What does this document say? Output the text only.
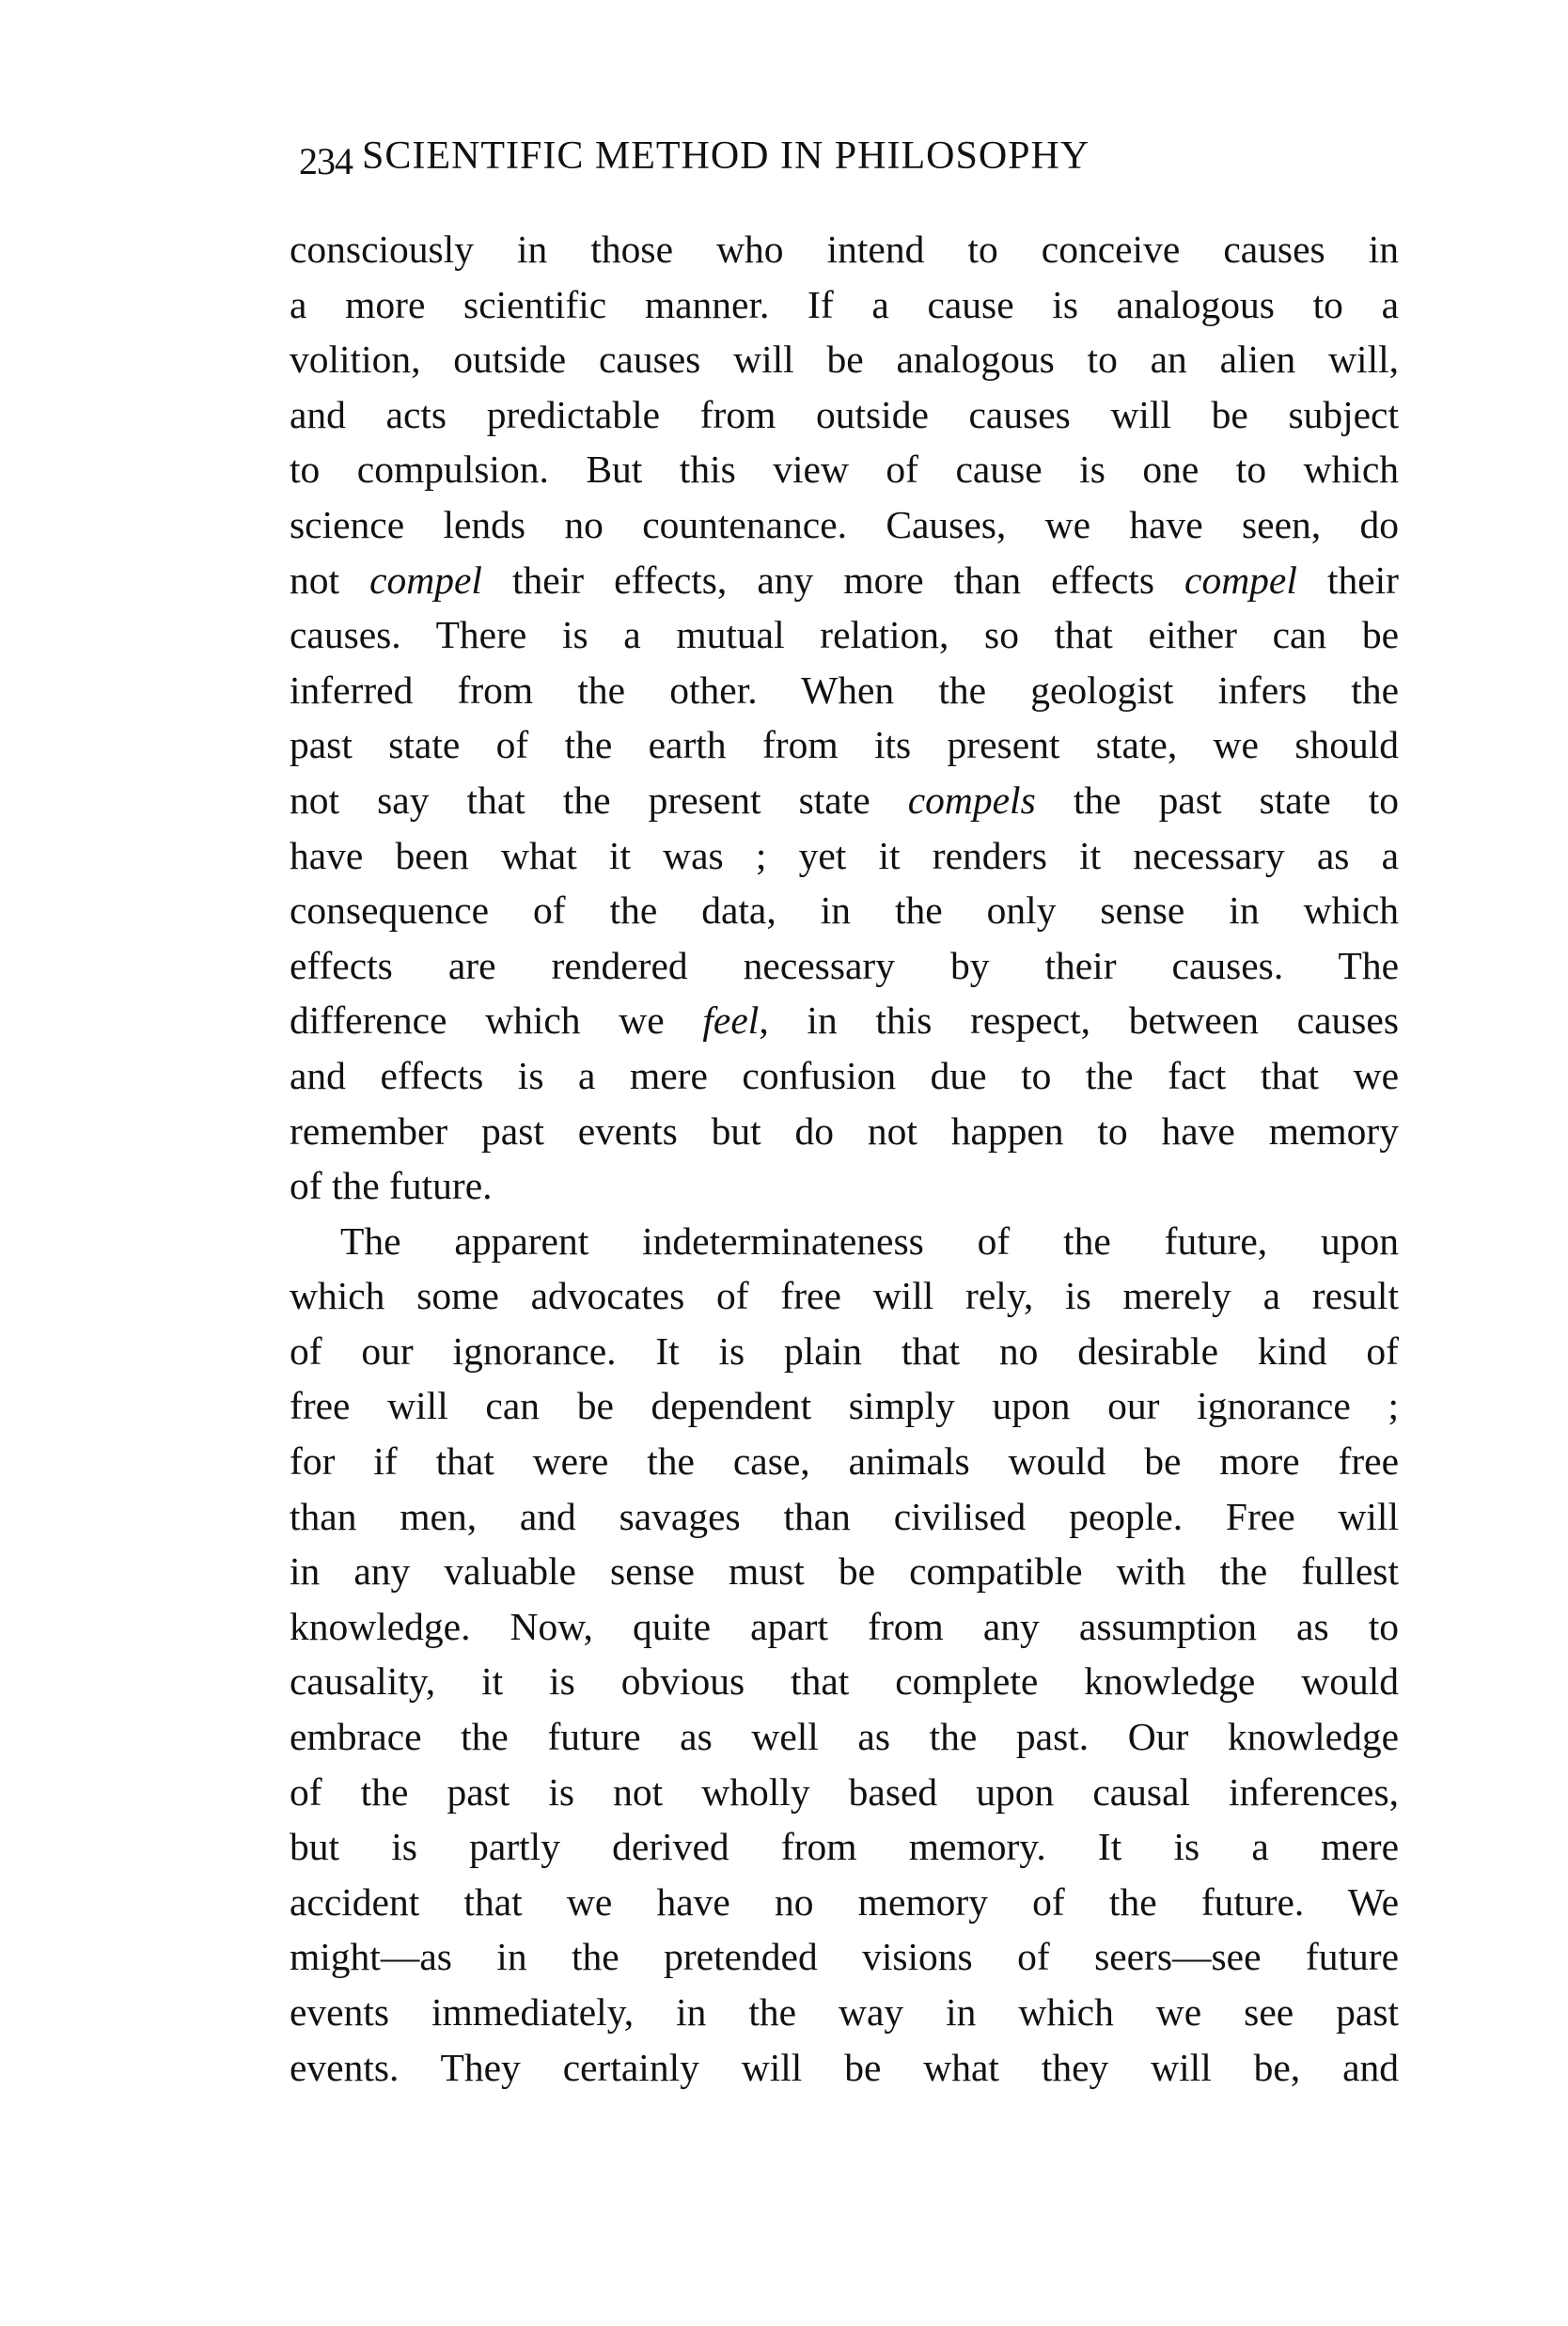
234 SCIENTIFIC METHOD IN PHILOSOPHY
consciously in those who intend to conceive causes in
a more scientific manner. If a cause is analogous to a
volition, outside causes will be analogous to an alien will,
and acts predictable from outside causes will be subject
to compulsion. But this view of cause is one to which
science lends no countenance. Causes, we have seen, do
not compel their effects, any more than effects compel their
causes. There is a mutual relation, so that either can be
inferred from the other. When the geologist infers the
past state of the earth from its present state, we should
not say that the present state compels the past state to
have been what it was ; yet it renders it necessary as a
consequence of the data, in the only sense in which
effects are rendered necessary by their causes. The
difference which we feel, in this respect, between causes
and effects is a mere confusion due to the fact that we
remember past events but do not happen to have memory
of the future.
The apparent indeterminateness of the future, upon
which some advocates of free will rely, is merely a result
of our ignorance. It is plain that no desirable kind of
free will can be dependent simply upon our ignorance ;
for if that were the case, animals would be more free
than men, and savages than civilised people. Free will
in any valuable sense must be compatible with the fullest
knowledge. Now, quite apart from any assumption as to
causality, it is obvious that complete knowledge would
embrace the future as well as the past. Our knowledge
of the past is not wholly based upon causal inferences,
but is partly derived from memory. It is a mere
accident that we have no memory of the future. We
might—as in the pretended visions of seers—see future
events immediately, in the way in which we see past
events. They certainly will be what they will be, and
